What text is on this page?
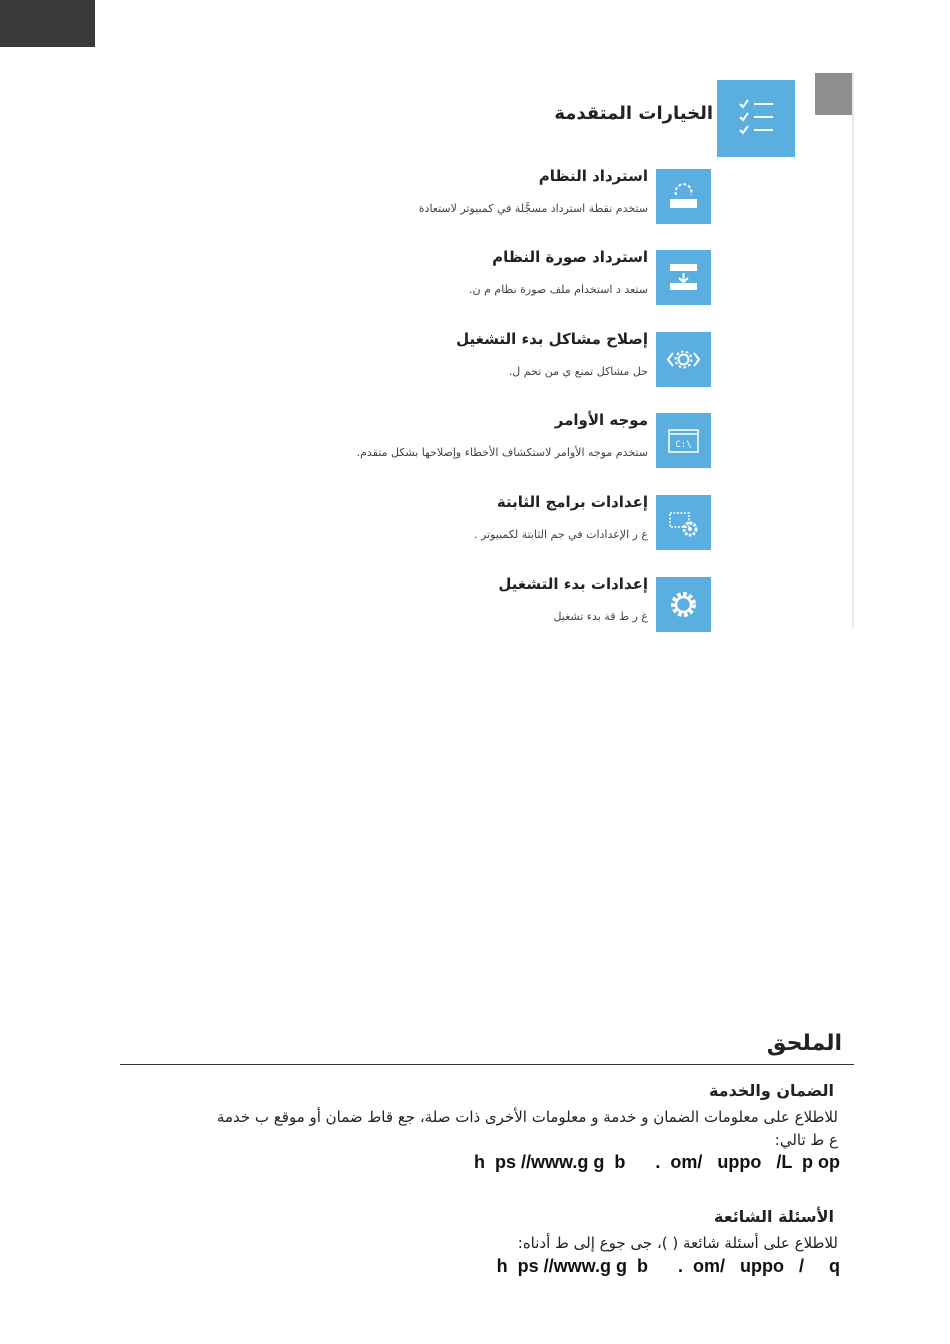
الخيارات المتقدمة
استرداد النظام
ستخدم نقطة استرداد مسجَّلة في كمبيوتر لاستعادة
استرداد صورة النظام
ستعد د استخدام ملف صورة نظام م ن.
إصلاح مشاكل بدء التشغيل
حل مشاكل تمنع ي من تحم ل.
C:\
موجه الأوامر
ستخدم موجه الأوامر لاستكشاف الأخطاء وإصلاحها بشكل متقدم.
إعدادات برامج الثابتة
غ ر الإعدادات في جم الثابتة لكمبيوتر .
إعدادات بدء التشغيل
غ ر ط قة بدء تشغيل
الملحق
الضمان والخدمة
للاطلاع على معلومات الضمان و خدمة و معلومات الأخرى ذات صلة، جع قاط ضمان أو موقع ب خدمة
ع ط تالي:
h  ps //www.g g  b      .  om/   uppo   /L  p op
الأسئلة الشائعة
للاطلاع على أسئلة شائعة ( )، جى جوع إلى ط أدناه:
h  ps //www.g g  b      .  om/   uppo   /     q
